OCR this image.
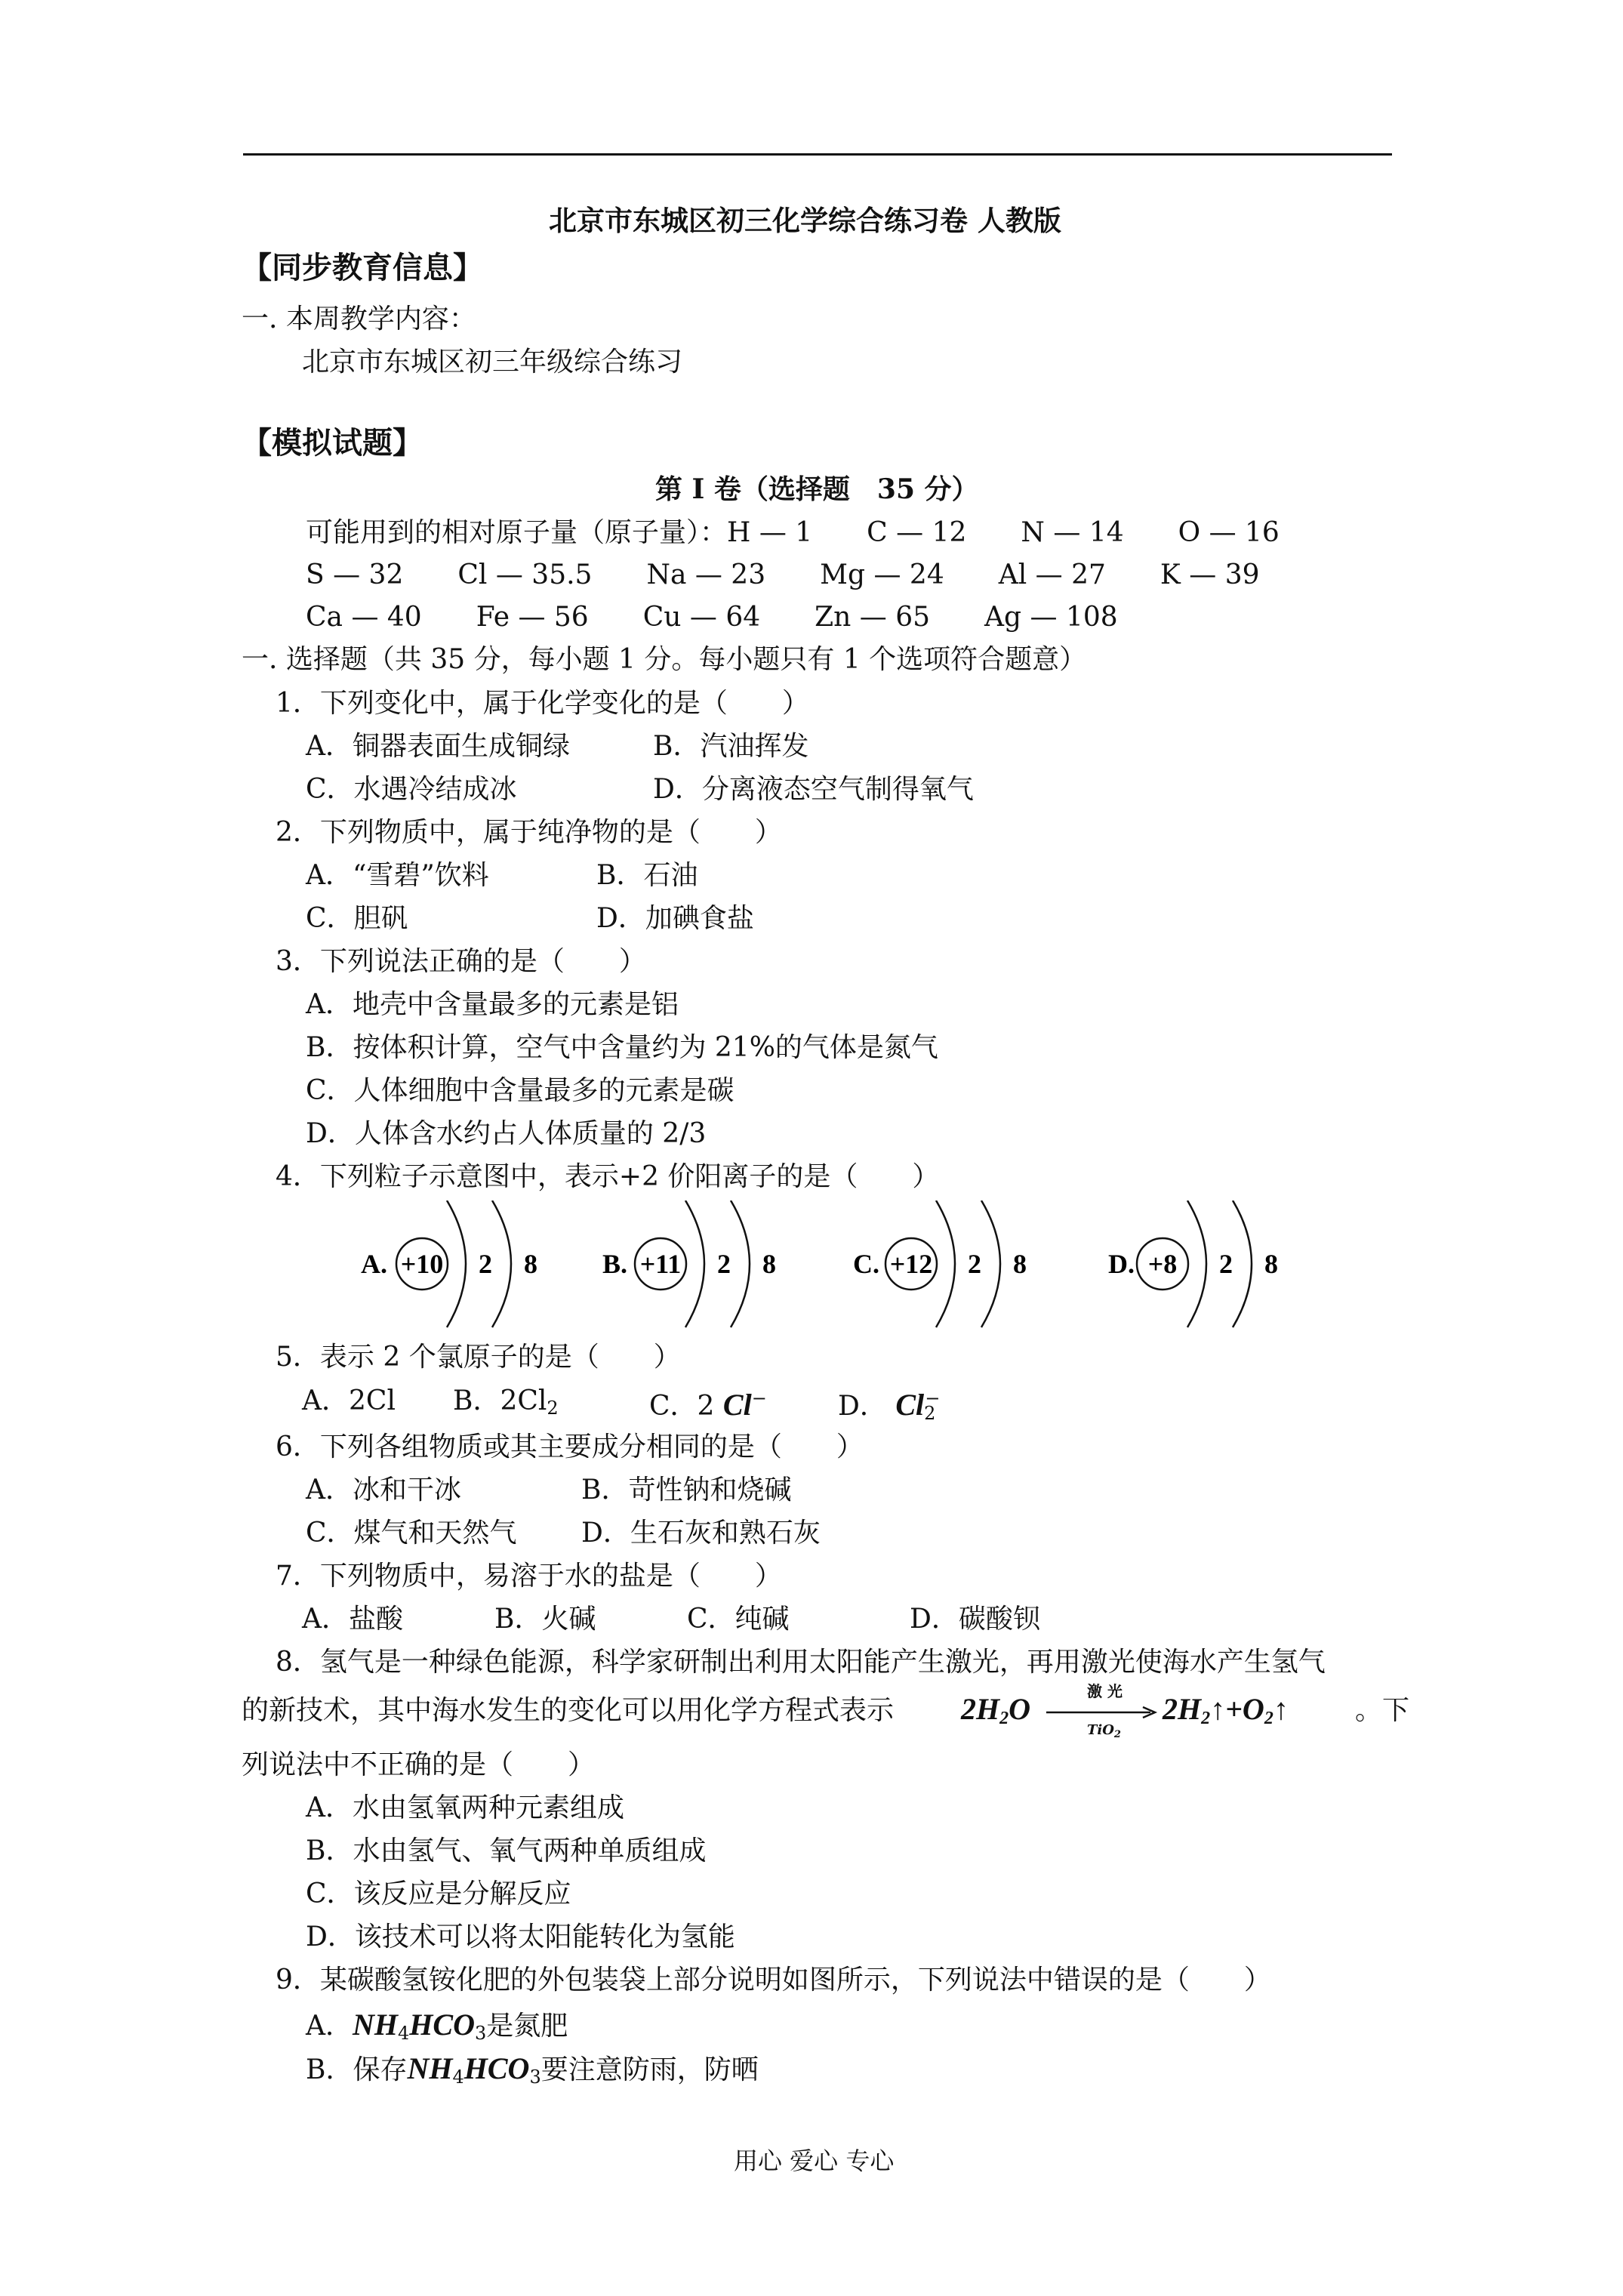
北京市东城区初三化学综合练习卷 人教版
【同步教育信息】
一. 本周教学内容：
北京市东城区初三年级综合练习
【模拟试题】
第 I 卷（选择题　35 分）
可能用到的相对原子量（原子量）：H — 1　　C — 12　　N — 14　　O — 16
S — 32　　Cl — 35.5　　Na — 23　　Mg — 24　　Al — 27　　K — 39
Ca — 40　　Fe — 56　　Cu — 64　　Zn — 65　　Ag — 108
一. 选择题（共 35 分，每小题 1 分。每小题只有 1 个选项符合题意）
1．下列变化中，属于化学变化的是（　　）
A．铜器表面生成铜绿	B．汽油挥发
C．水遇冷结成冰	D．分离液态空气制得氧气
2．下列物质中，属于纯净物的是（　　）
A．“雪碧”饮料	B．石油
C．胆矾	D．加碘食盐
3．下列说法正确的是（　　）
A．地壳中含量最多的元素是铝
B．按体积计算，空气中含量约为 21%的气体是氮气
C．人体细胞中含量最多的元素是碳
D．人体含水约占人体质量的 2/3
4．下列粒子示意图中，表示+2 价阳离子的是（　　）
A. +10 2 8 B. +11 2 8	C. +12 2 8	D. +8 2 8
5．表示 2 个氯原子的是（　　）
A．2Cl B．$2Cl_2$	C．2 Cl−	D． $Cl_2^-$
6．下列各组物质或其主要成分相同的是（　　）
A．冰和干冰	B．苛性钠和烧碱
C．煤气和天然气 D．生石灰和熟石灰
7．下列物质中，易溶于水的盐是（　　）
A．盐酸	B．火碱	C．纯碱	D．碳酸钡
8．氢气是一种绿色能源，科学家研制出利用太阳能产生激光，再用激光使海水产生氢气
的新技术，其中海水发生的变化可以用化学方程式表示 $2H_2O$
激 光
TiO$_2$
$2H_2↑+O_2↑$ 。下
列说法中不正确的是（　　）
A．水由氢氧两种元素组成
B．水由氢气、氧气两种单质组成
C．该反应是分解反应
D．该技术可以将太阳能转化为氢能
9．某碳酸氢铵化肥的外包装袋上部分说明如图所示，下列说法中错误的是（　　）
A．$NH_4HCO_3$是氮肥
B．保存$NH_4HCO_3$要注意防雨，防晒
用心 爱心 专心
